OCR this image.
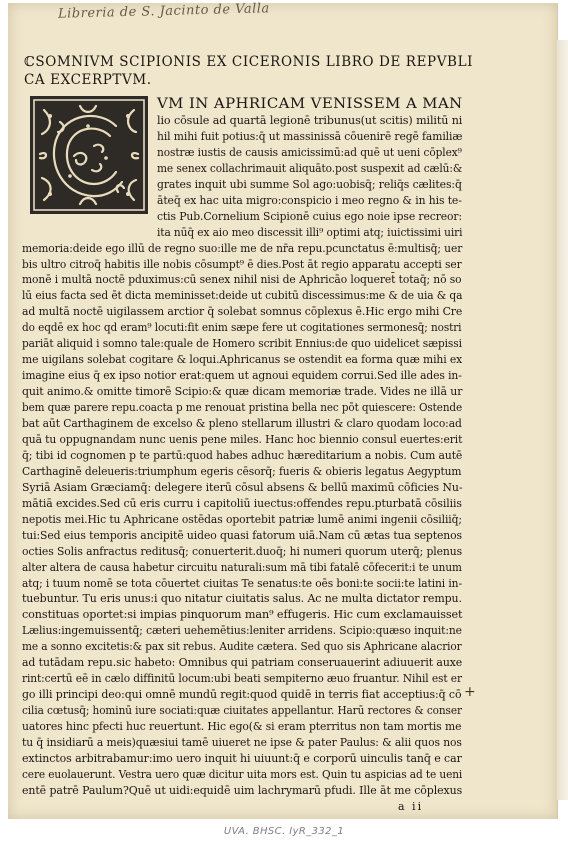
Libreria de S. Jacinto de Valla
ℂSOMNIVM SCIPIONIS EX CICERONIS LIBRO DE REPVBLI
CA EXCERPTVM.
VM IN APHRICAM VENISSEM A MAN
lio cōsule ad quartā legionē tribunus(ut scitis) militū ni
hil mihi fuit potius:q̄ ut massinissā cōuenirē regē familiæ
nostræ iustis de causis amicissimū:ad quē ut ueni cōplex⁹
me senex collachrimauit aliquāto.post suspexit ad cælū:&
grates inquit ubi summe Sol ago:uobisq̄; reliq̄s cælites:q̄
āteq̄ ex hac uita migro:conspicio i meo regno & in his te-
ctis Pub.Cornelium Scipionē cuius ego noie ipse recreor:
ita nūq̄ ex aio meo discessit illi⁹ optimi atq; iuictissimi uiri
memoria:deide ego illū de regno suo:ille me de nr̄a repu.pcunctatus ē:multisq̄; uer
bis ultro citroq̄ habitis ille nobis cōsumpt⁹ ē dies.Post āt regio apparatu accepti ser
monē i multā noctē pduximus:cū senex nihil nisi de Aphricāo loqueret̄ totaq̄; nō so
lū eius facta sed ēt dicta meminisset:deide ut cubitū discessimus:me & de uia & qa
ad multā noctē uigilassem arctior q̄ solebat somnus cōplexus ē.Hic ergo mihi Cre
do eqdē ex hoc qd eram⁹ locuti:fit enim sæpe fere ut cogitationes sermonesq̄; nostri
pariāt aliquid i somno tale:quale de Homero scribit Ennius:de quo uidelicet sæpissi
me uigilans solebat cogitare & loqui.Aphricanus se ostendit ea forma quæ mihi ex
imagine eius q̄ ex ipso notior erat:quem ut agnoui equidem corrui.Sed ille ades in-
quit animo.& omitte timorē Scipio:& quæ dicam memoriæ trade. Vides ne illā ur
bem quæ parere repu.coacta p me renouat pristina bella nec pōt quiescere: Ostende
bat aūt Carthaginem de excelso & pleno stellarum illustri & claro quodam loco:ad
quā tu oppugnandam nunc uenis pene miles. Hanc hoc biennio consul euertes:erit
q̄; tibi id cognomen p te partū:quod habes adhuc hæreditarium a nobis. Cum autē
Carthaginē deleueris:triumphum egeris cēsorq̄; fueris & obieris legatus Aegyptum
Syriā Asiam Græciamq̄: delegere iterū cōsul absens & bellū maximū cōficies Nu-
mātiā excides.Sed cū eris curru i capitoliū iuectus:offendes repu.pturbatā cōsiliis
nepotis mei.Hic tu Aphricane ostēdas oportebit patriæ lumē animi ingenii cōsiliiq̄;
tui:Sed eius temporis ancipitē uideo quasi fatorum uiā.Nam cū ætas tua septenos
octies Solis anfractus reditusq̄; conuerterit.duoq̄; hi numeri quorum uterq̄; plenus
alter altera de causa habetur circuitu naturali:sum mā tibi fatalē cōfecerit:i te unum
atq; i tuum nomē se tota cōuertet ciuitas Te senatus:te oēs boni:te socii:te latini in-
tuebuntur. Tu eris unus:i quo nitatur ciuitatis salus. Ac ne multa dictator rempu.
constituas oportet:si impias pinquorum man⁹ effugeris. Hic cum exclamauisset
Lælius:ingemuissentq̄; cæteri uehemētius:leniter arridens. Scipio:quæso inquit:ne
me a sonno excitetis:& pax sit rebus. Audite cætera. Sed quo sis Aphricane alacrior
ad tutādam repu.sic habeto: Omnibus qui patriam conseruauerint adiuuerit auxe
rint:certū eē in cælo diffinitū locum:ubi beati sempiterno æuo fruantur. Nihil est er
go illi principi deo:qui omnē mundū regit:quod quidē in terris fiat acceptius:q̄ cō
cilia cœtusq̄; hominū iure sociati:quæ ciuitates appellantur. Harū rectores & conser
uatores hinc pfecti huc reuertunt. Hic ego(& si eram pterritus non tam mortis me
tu q̄ insidiarū a meis)quæsiui tamē uiueret ne ipse & pater Paulus: & alii quos nos
extinctos arbitrabamur:imo uero inquit hi uiuunt:q̄ e corporū uinculis tanq̄ e car
cere euolauerunt. Vestra uero quæ dicitur uita mors est. Quin tu aspicias ad te ueni
entē patrē Paulum?Quē ut uidi:equidē uim lachrymarū pfudi. Ille āt me cōplexus
+
a ii
UVA. BHSC. IyR_332_1
